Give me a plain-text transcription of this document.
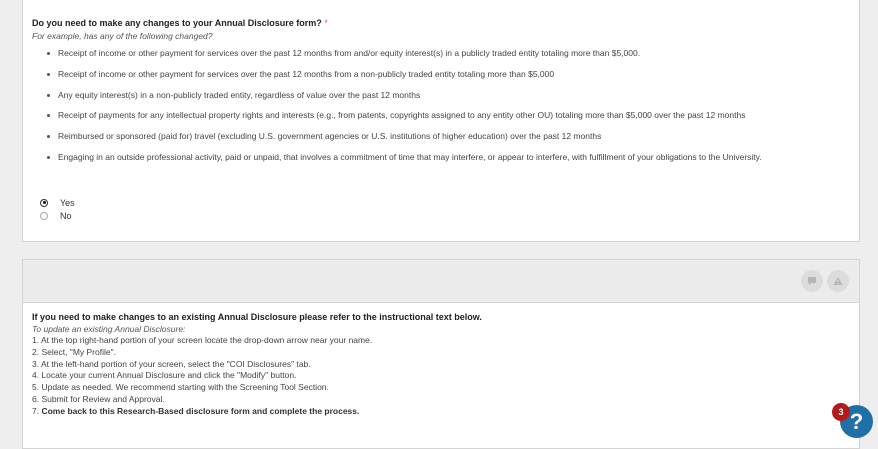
Do you need to make any changes to your Annual Disclosure form? *
For example, has any of the following changed?
Receipt of income or other payment for services over the past 12 months from and/or equity interest(s) in a publicly traded entity totaling more than $5,000.
Receipt of income or other payment for services over the past 12 months from a non-publicly traded entity totaling more than $5,000
Any equity interest(s) in a non-publicly traded entity, regardless of value over the past 12 months
Receipt of payments for any intellectual property rights and interests (e.g., from patents, copyrights assigned to any entity other OU) totaling more than $5,000 over the past 12 months
Reimbursed or sponsored (paid for) travel (excluding U.S. government agencies or U.S. institutions of higher education) over the past 12 months
Engaging in an outside professional activity, paid or unpaid, that involves a commitment of time that may interfere, or appear to interfere, with fulfillment of your obligations to the University.
Yes
No
If you need to make changes to an existing Annual Disclosure please refer to the instructional text below.
To update an existing Annual Disclosure:
1. At the top right-hand portion of your screen locate the drop-down arrow near your name.
2. Select, "My Profile".
3. At the left-hand portion of your screen, select the "COI Disclosures" tab.
4. Locate your current Annual Disclosure and click the "Modify" button.
5. Update as needed. We recommend starting with the Screening Tool Section.
6. Submit for Review and Approval.
7. Come back to this Research-Based disclosure form and complete the process.	?
3
